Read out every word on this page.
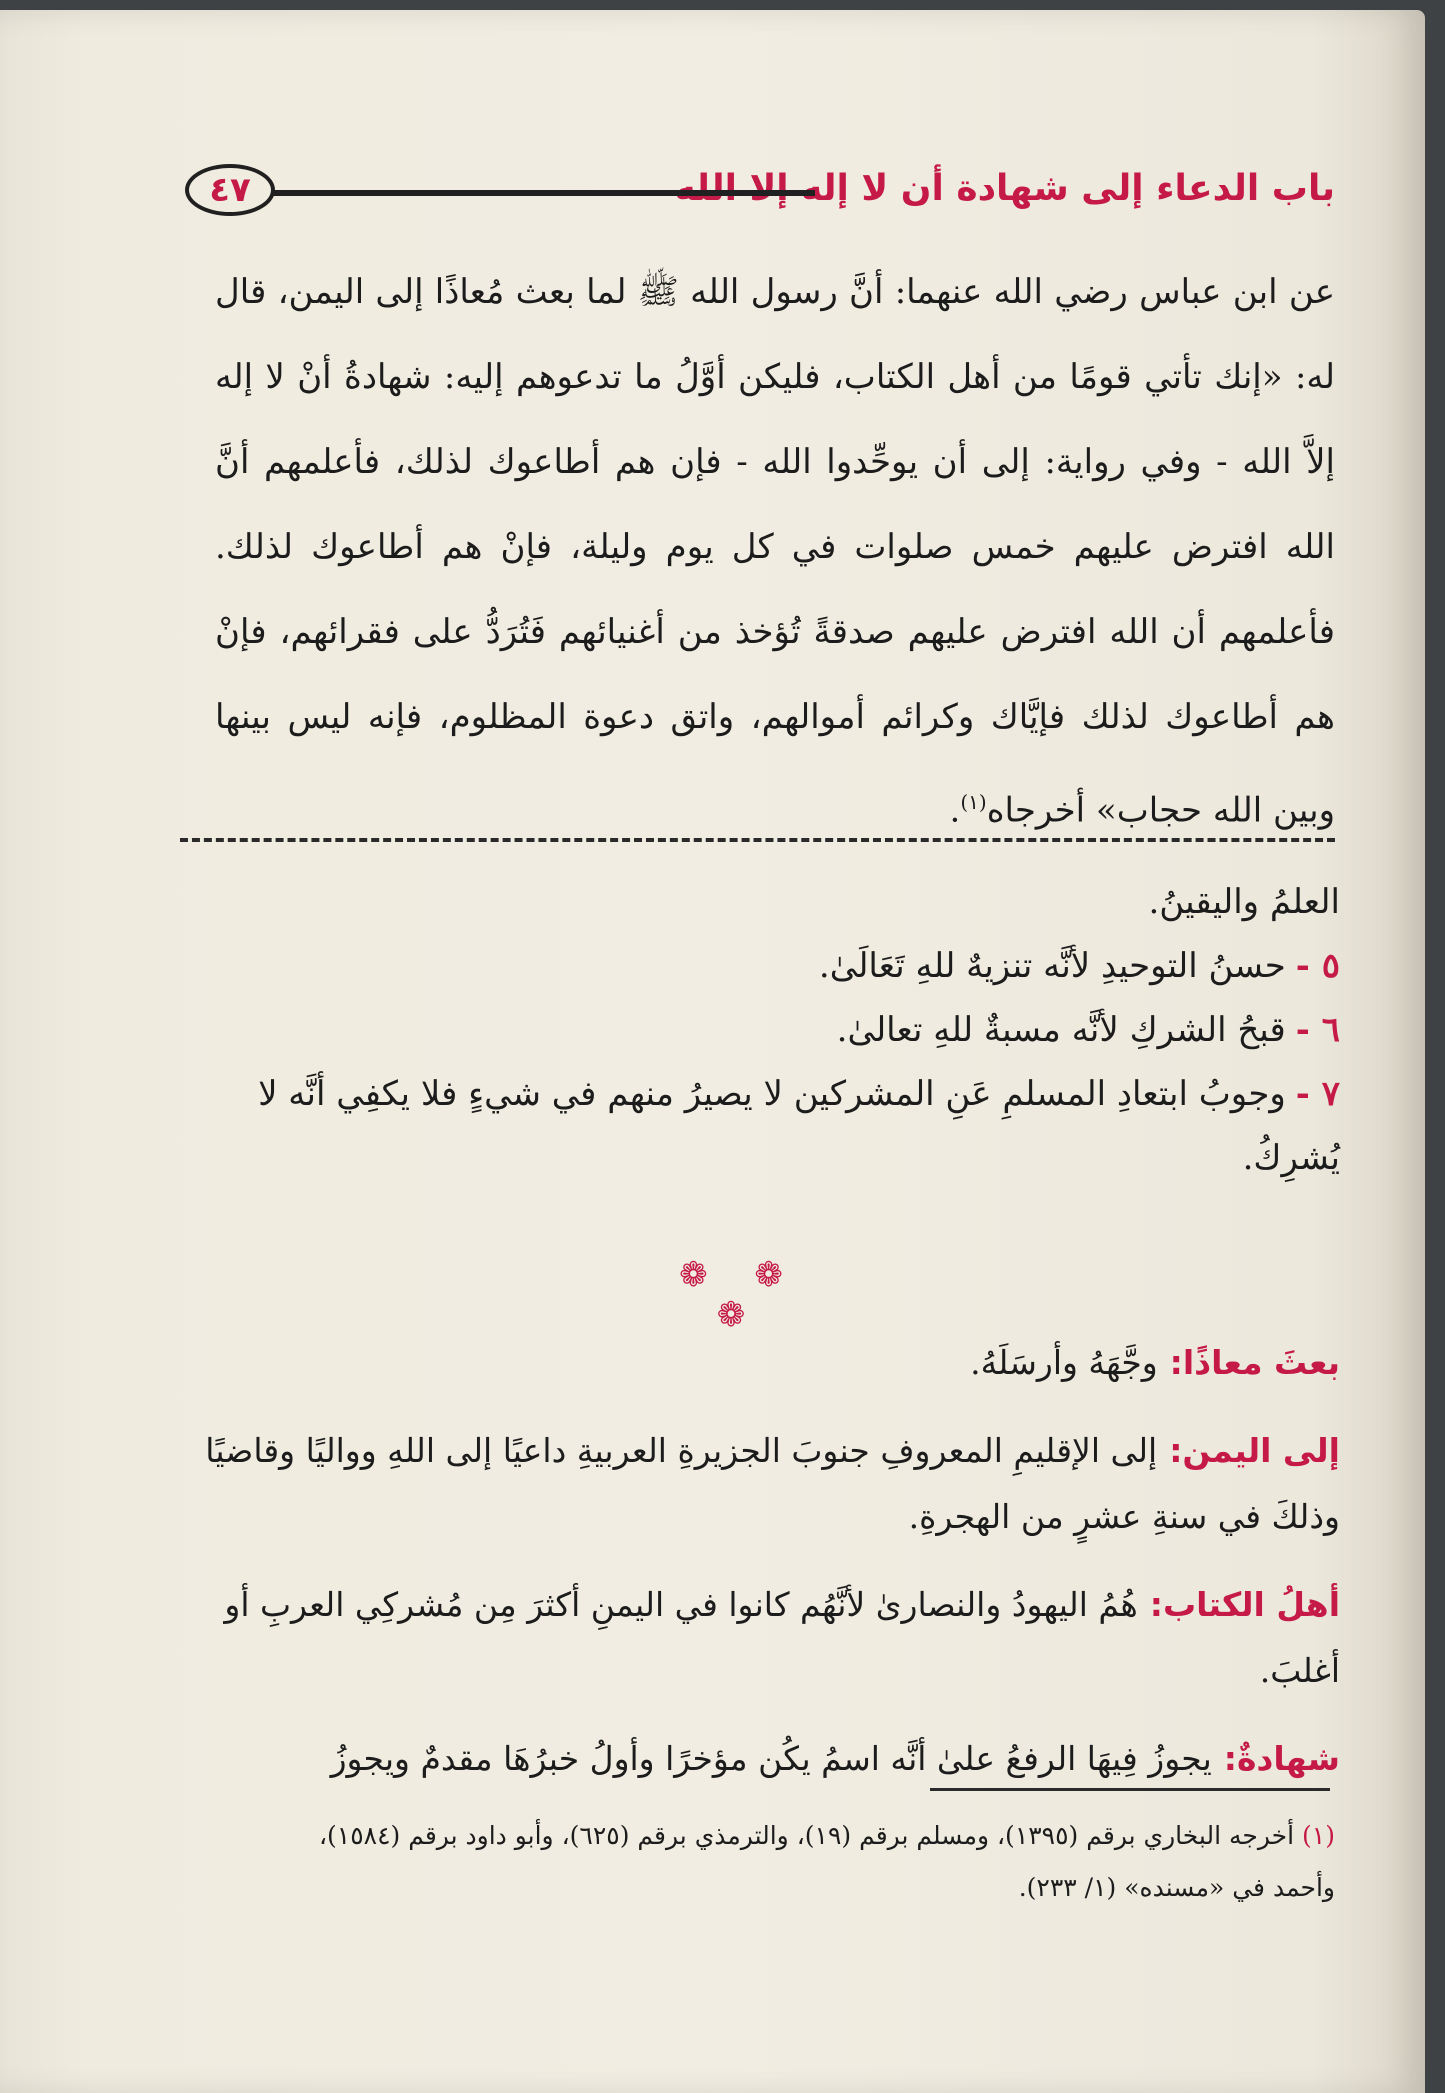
باب الدعاء إلى شهادة أن لا إله إلا الله
٤٧

عن ابن عباس رضي الله عنهما: أنَّ رسول الله ﷺ لما بعث مُعاذًا إلى اليمن، قال له: «إنك تأتي قومًا من أهل الكتاب، فليكن أوَّلُ ما تدعوهم إليه: شهادةُ أنْ لا إله إلاَّ الله - وفي رواية: إلى أن يوحِّدوا الله - فإن هم أطاعوك لذلك، فأعلمهم أنَّ الله افترض عليهم خمس صلوات في كل يوم وليلة، فإنْ هم أطاعوك لذلك. فأعلمهم أن الله افترض عليهم صدقةً تُؤخذ من أغنيائهم فَتُرَدُّ على فقرائهم، فإنْ هم أطاعوك لذلك فإيَّاك وكرائم أموالهم، واتق دعوة المظلوم، فإنه ليس بينها وبين الله حجاب» أخرجاه$^{(١)}$.

العلمُ واليقينُ.

٥ -حسنُ التوحيدِ لأنَّه تنزيهٌ للهِ تَعَالَىٰ.

٦ -قبحُ الشركِ لأنَّه مسبةٌ للهِ تعالىٰ.

٧ -وجوبُ ابتعادِ المسلمِ عَنِ المشركين لا يصيرُ منهم في شيءٍ فلا يكفِي أنَّه لا يُشرِكُ.

❁ ❁ ❁

بعثَ معاذًا:وجَّهَهُ وأرسَلَهُ.

إلى اليمن:إلى الإقليمِ المعروفِ جنوبَ الجزيرةِ العربيةِ داعيًا إلى اللهِ وواليًا وقاضيًا وذلكَ في سنةِ عشرٍ من الهجرةِ.

أهلُ الكتاب:هُمُ اليهودُ والنصارىٰ لأنَّهُم كانوا في اليمنِ أكثرَ مِن مُشركِي العربِ أو أغلبَ.

شهادةٌ:يجوزُ فِيهَا الرفعُ علىٰ أنَّه اسمُ يكُن مؤخرًا وأولُ خبرُهَا مقدمٌ ويجوزُ

(١)أخرجه البخاري برقم (١٣٩٥)، ومسلم برقم (١٩)، والترمذي برقم (٦٢٥)، وأبو داود برقم (١٥٨٤)،

وأحمد في «مسنده» (١/ ٢٣٣).
